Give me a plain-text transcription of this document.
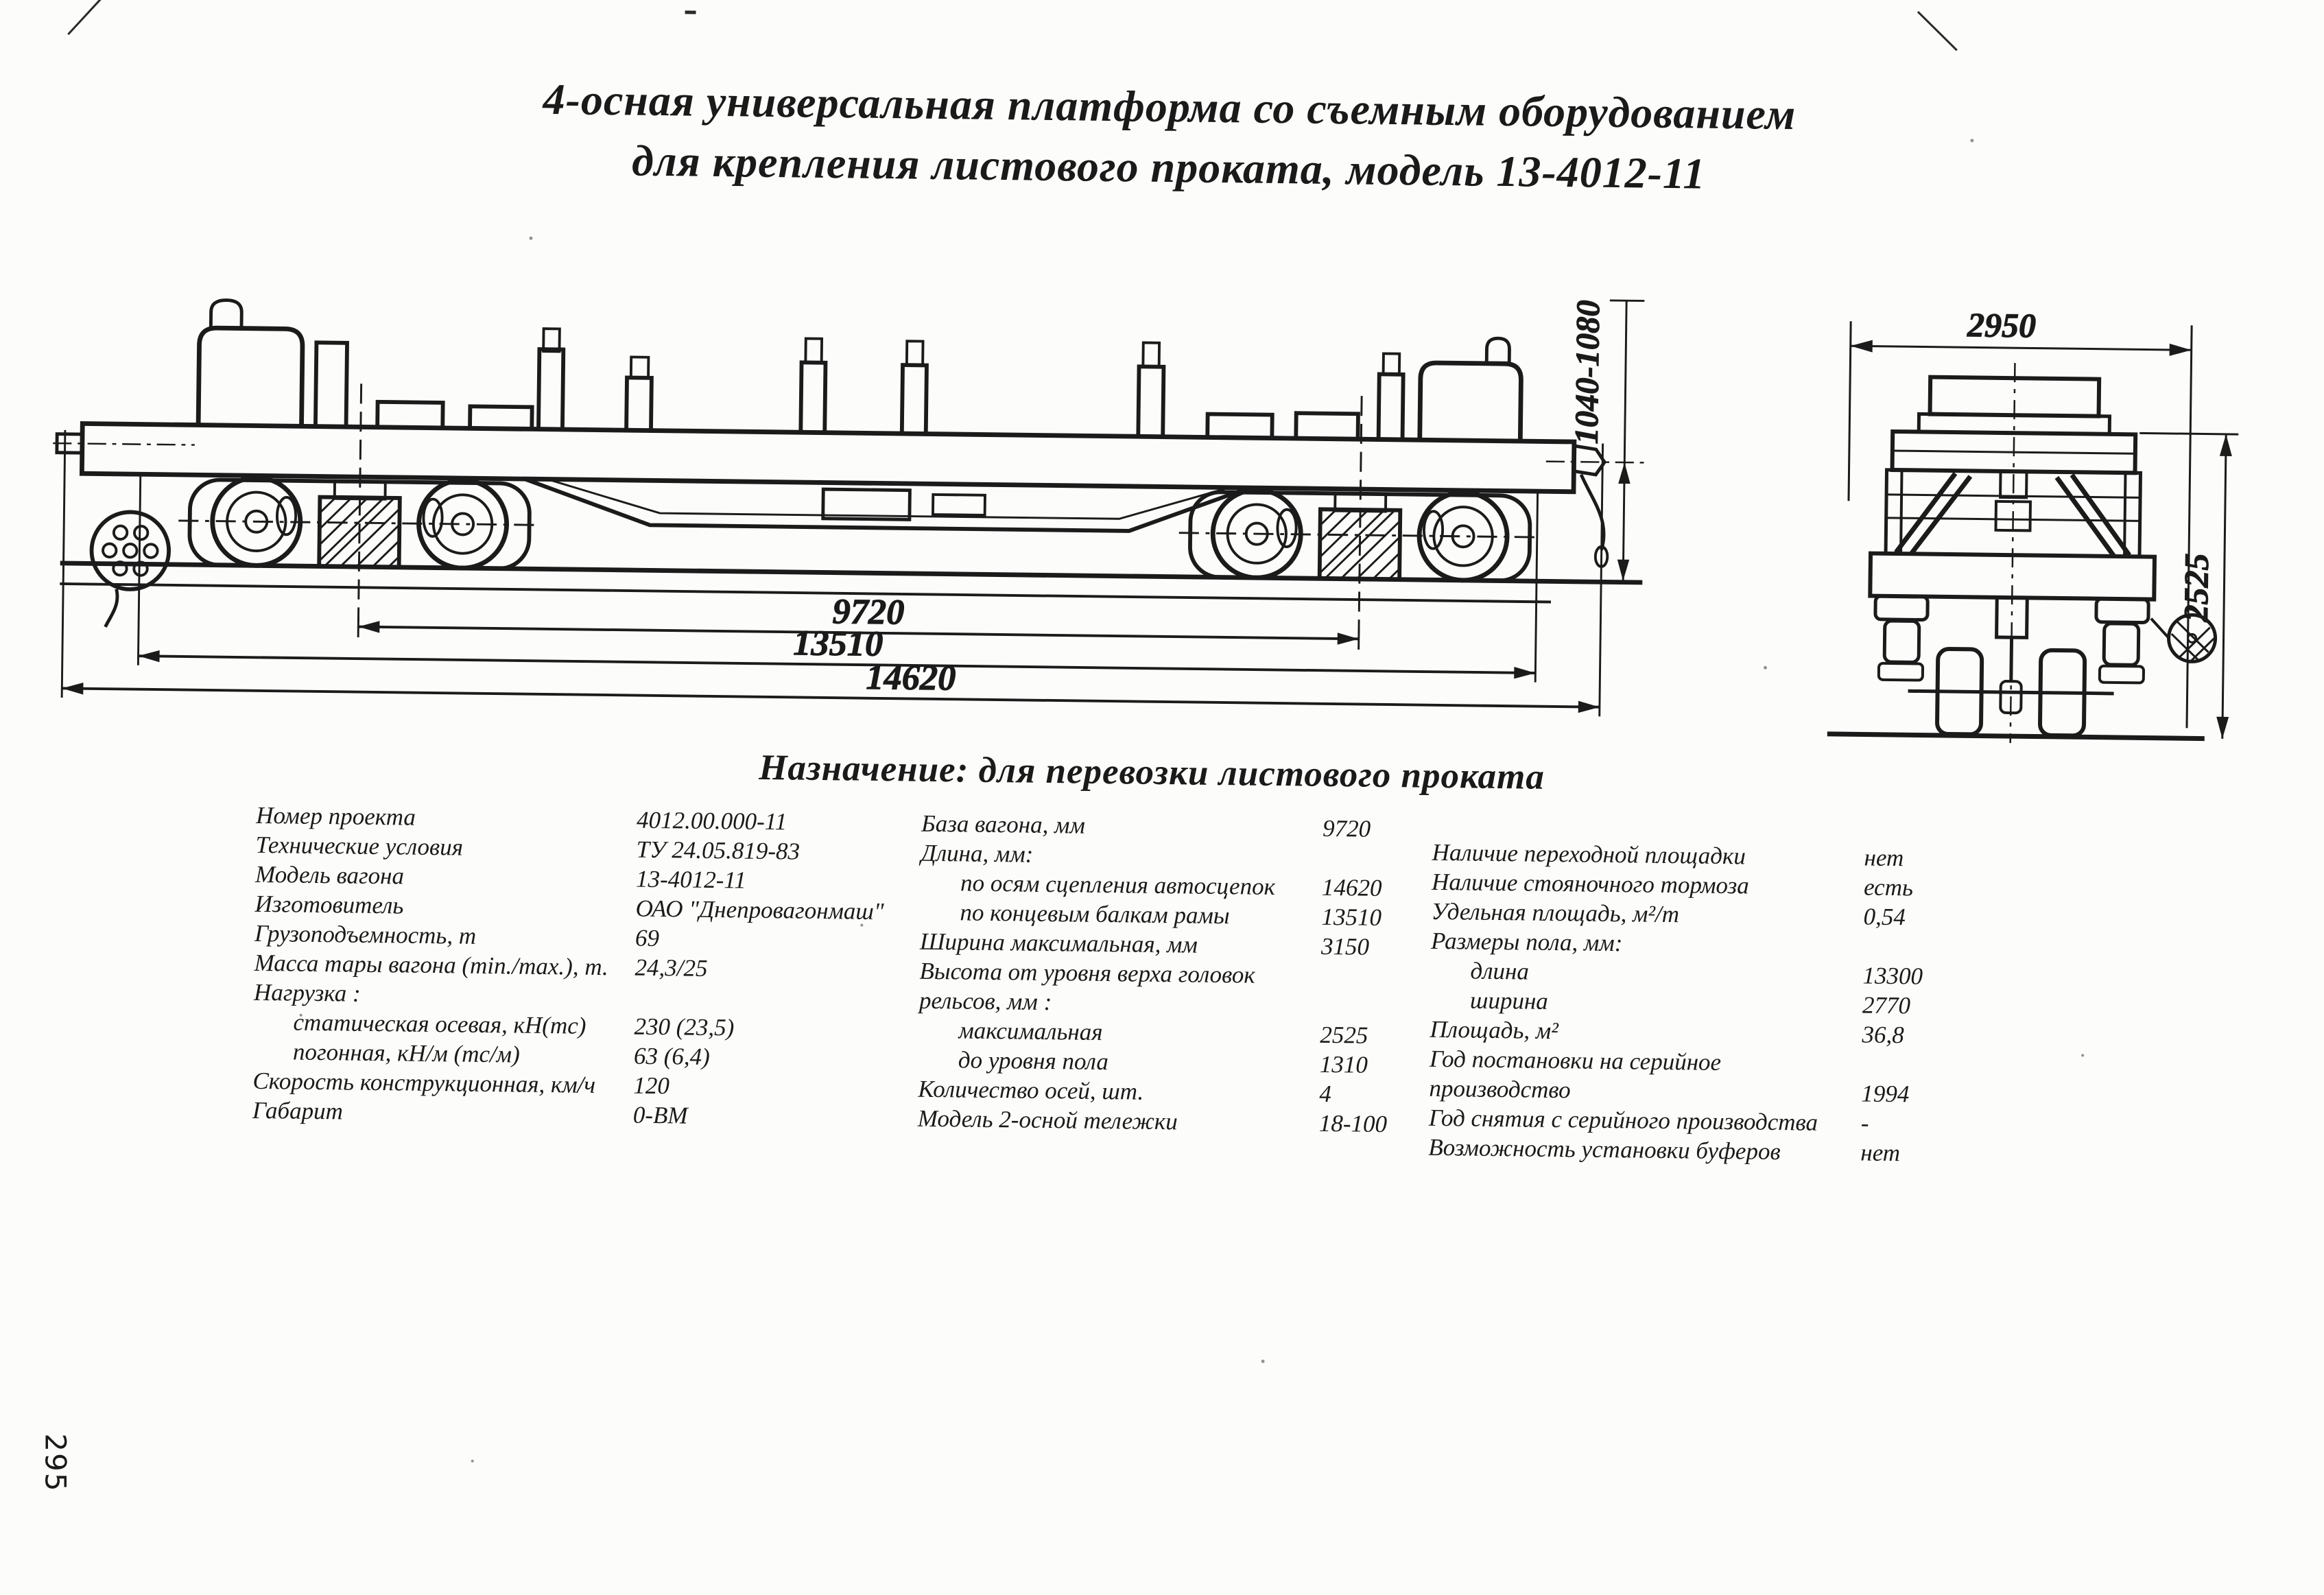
4-осная универсальная платформа со съемным оборудованием
для крепления листового проката, модель 13-4012-11
9720
13510
14620
1040-1080	2950
2525
Назначение: для перевозки листового проката
Номер проекта	4012.00.000-11
Технические условия	ТУ 24.05.819-83
Модель вагона	13-4012-11
Изготовитель	ОАО "Днепровагонмаш"
Грузоподъемность, т	69
Масса тары вагона (min./max.), т. 24,3/25
Нагрузка :
статическая осевая, кН(тс) 230 (23,5)
погонная, кН/м (тс/м)	63 (6,4)
Скорость конструкционная, км/ч 120
Габарит	0-ВМ
База вагона, мм	9720
Длина, мм:
по осям сцепления автосцепок 14620
по концевым балкам рамы	13510
Ширина максимальная, мм	3150
Высота от уровня верха головок
рельсов, мм :
максимальная	2525
до уровня пола	1310
Количество осей, шт.	4
Модель 2-осной тележки	18-100
Наличие переходной площадки	нет
Наличие стояночного тормоза	есть
Удельная площадь, м²/т	0,54
Размеры пола, мм:
длина	13300
ширина	2770
Площадь, м²	36,8
Год постановки на серийное
производство	1994
Год снятия с серийного производства -
Возможность установки буферов	нет
295
